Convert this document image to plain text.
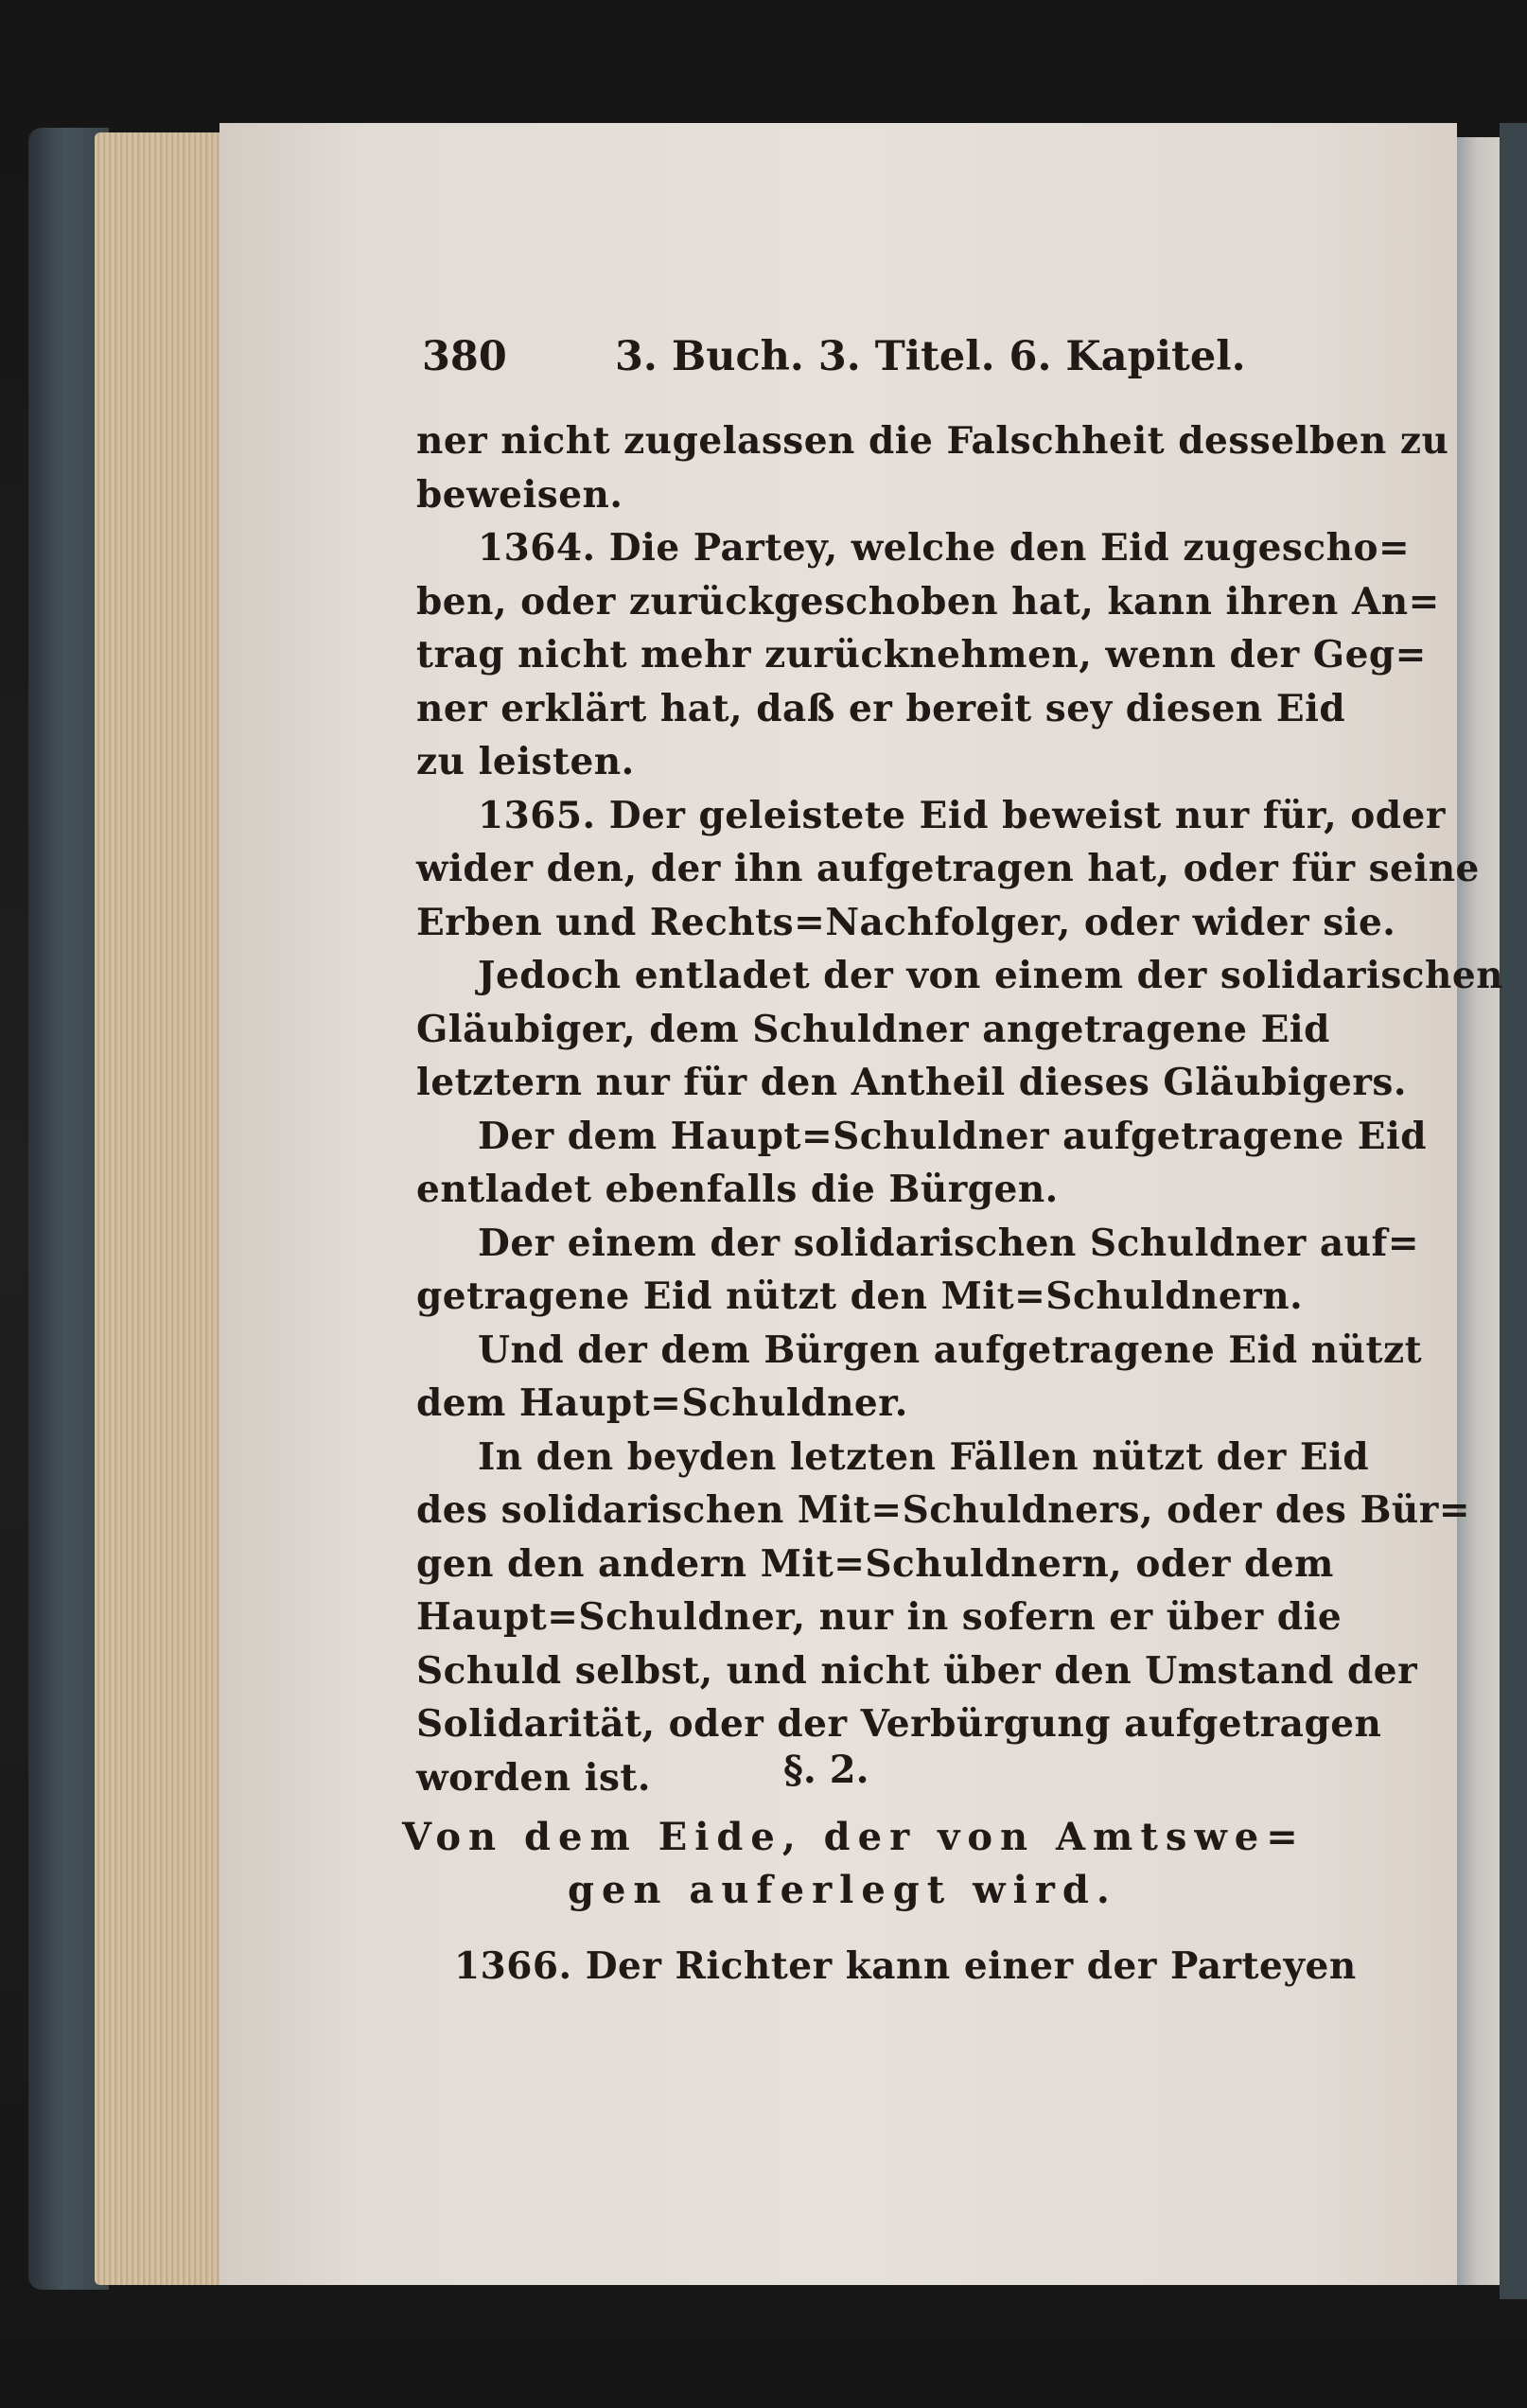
380	3. Buch. 3. Titel. 6. Kapitel.
ner nicht zugelassen die Falschheit desselben zu
beweisen.
1364. Die Partey, welche den Eid zugescho=
ben, oder zurückgeschoben hat, kann ihren An=
trag nicht mehr zurücknehmen, wenn der Geg=
ner erklärt hat, daß er bereit sey diesen Eid
zu leisten.
1365. Der geleistete Eid beweist nur für, oder
wider den, der ihn aufgetragen hat, oder für seine
Erben und Rechts=Nachfolger, oder wider sie.
Jedoch entladet der von einem der solidarischen
Gläubiger, dem Schuldner angetragene Eid
letztern nur für den Antheil dieses Gläubigers.
Der dem Haupt=Schuldner aufgetragene Eid
entladet ebenfalls die Bürgen.
Der einem der solidarischen Schuldner auf=
getragene Eid nützt den Mit=Schuldnern.
Und der dem Bürgen aufgetragene Eid nützt
dem Haupt=Schuldner.
In den beyden letzten Fällen nützt der Eid
des solidarischen Mit=Schuldners, oder des Bür=
gen den andern Mit=Schuldnern, oder dem
Haupt=Schuldner, nur in sofern er über die
Schuld selbst, und nicht über den Umstand der
Solidarität, oder der Verbürgung aufgetragen
worden ist.	§. 2.
Von dem Eide, der von Amtswe=
gen auferlegt wird.
1366. Der Richter kann einer der Parteyen
